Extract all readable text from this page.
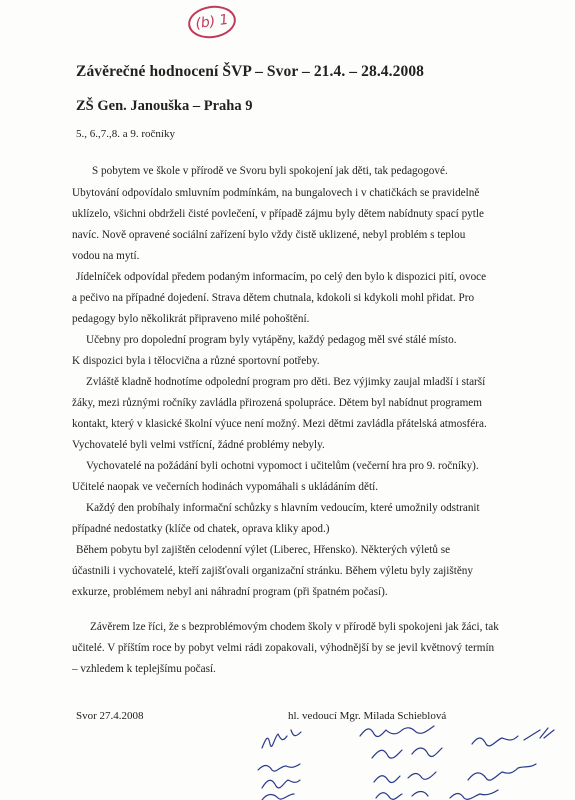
(b) 1
Závěrečné hodnocení ŠVP – Svor – 21.4. – 28.4.2008
ZŠ Gen. Janouška – Praha 9
5., 6.,7.,8. a 9. ročníky
S pobytem ve škole v přírodě ve Svoru byli spokojení jak děti, tak pedagogové.
Ubytování odpovídalo smluvním podmínkám, na bungalovech i v chatičkách se pravidelně
uklízelo, všichni obdrželi čisté povlečení, v případě zájmu byly dětem nabídnuty spací pytle
navíc. Nově opravené sociální zařízení bylo vždy čistě uklizené, nebyl problém s teplou
vodou na mytí.
Jídelníček odpovídal předem podaným informacím, po celý den bylo k dispozici pití, ovoce
a pečivo na případné dojedení. Strava dětem chutnala, kdokoli si kdykoli mohl přidat. Pro
pedagogy bylo několikrát připraveno milé pohoštění.
Učebny pro dopolední program byly vytápěny, každý pedagog měl své stálé místo.
K dispozici byla i tělocvična a různé sportovní potřeby.
Zvláště kladně hodnotíme odpolední program pro děti. Bez výjimky zaujal mladší i starší
žáky, mezi různými ročníky zavládla přirozená spolupráce. Dětem byl nabídnut programem
kontakt, který v klasické školní výuce není možný. Mezi dětmi zavládla přátelská atmosféra.
Vychovatelé byli velmi vstřícní, žádné problémy nebyly.
Vychovatelé na požádání byli ochotni vypomoct i učitelům (večerní hra pro 9. ročníky).
Učitelé naopak ve večerních hodinách vypomáhali s ukládáním dětí.
Každý den probíhaly informační schůzky s hlavním vedoucím, které umožnily odstranit
případné nedostatky (klíče od chatek, oprava kliky apod.)
Během pobytu byl zajištěn celodenní výlet (Liberec, Hřensko). Některých výletů se
účastnili i vychovatelé, kteří zajišťovali organizační stránku. Během výletu byly zajištěny
exkurze, problémem nebyl ani náhradní program (při špatném počasí).
Závěrem lze říci, že s bezproblémovým chodem školy v přírodě byli spokojeni jak žáci, tak
učitelé. V příštím roce by pobyt velmi rádi zopakovali, výhodnější by se jevil květnový termín
– vzhledem k teplejšímu počasí.
Svor 27.4.2008	hl. vedoucí Mgr. Milada Schieblová
